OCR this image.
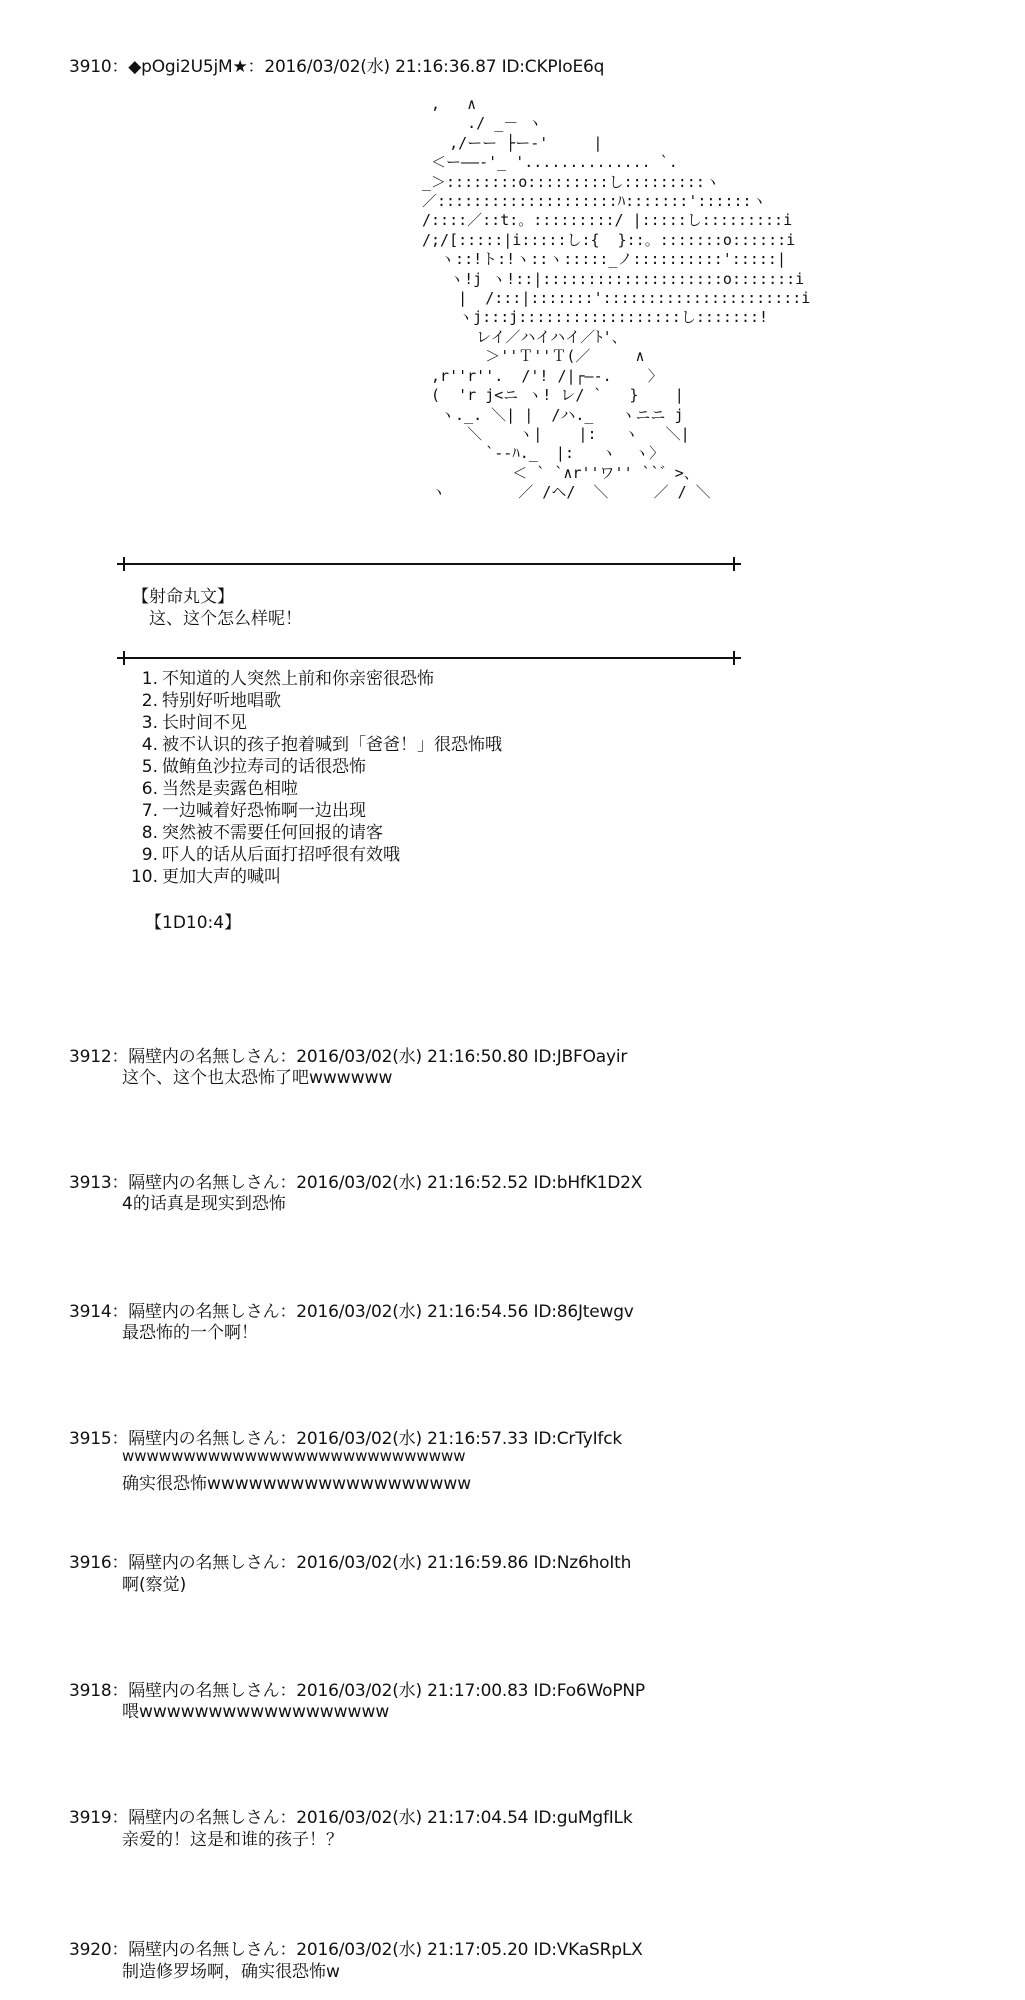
3910：◆pOgi2U5jM★：2016/03/02(水) 21:16:36.87 ID:CKPIoE6q
,   ∧
./ _－ ヽ
,/ーー ├ー-'     |
＜ー――-'_ '.............. `.
_＞::::::::o:::::::::し:::::::::ヽ
／::::::::::::::::::::ﾊ:::::::'::::::ヽ
/::::／::t:。:::::::::/ |:::::し:::::::::i
/;/[:::::|i:::::し:{  }::。:::::::o::::::i
ヽ::!ト:!ヽ::ヽ:::::_ノ::::::::::':::::|
ヽ!j ヽ!::|::::::::::::::::::::o:::::::i
|  /:::|:::::::'::::::::::::::::::::::i
ヽj:::j::::::::::::::::::し:::::::!
レイ／ハイハイ／ﾄ'、
＞''Ｔ''Ｔ(／     ∧
,r''r''.  /'! /|┌―-.    〉
(  'r j<ニ ヽ! レ/ `   }    |
ヽ._. ＼| |  /ハ._   ヽニニ j
＼    ヽ|    |:   ヽ   ＼|
`--ﾊ._  |:   ヽ  ヽ〉
＜ ` `∧r''ワ'' ``゛>、
ヽ        ／ /ヘ/  ＼     ／ / ＼
【射命丸文】
这、这个怎么样呢！
1. 不知道的人突然上前和你亲密很恐怖
2. 特别好听地唱歌
3. 长时间不见
4. 被不认识的孩子抱着喊到「爸爸！」很恐怖哦
5. 做鲔鱼沙拉寿司的话很恐怖
6. 当然是卖露色相啦
7. 一边喊着好恐怖啊一边出现
8. 突然被不需要任何回报的请客
9. 吓人的话从后面打招呼很有效哦
10. 更加大声的喊叫
【1D10:4】
3912：隔壁内の名無しさん：2016/03/02(水) 21:16:50.80 ID:JBFOayir
这个、这个也太恐怖了吧wwwwww
3913：隔壁内の名無しさん：2016/03/02(水) 21:16:52.52 ID:bHfK1D2X
4的话真是现实到恐怖
3914：隔壁内の名無しさん：2016/03/02(水) 21:16:54.56 ID:86Jtewgv
最恐怖的一个啊！
3915：隔壁内の名無しさん：2016/03/02(水) 21:16:57.33 ID:CrTyIfck
wwwwwwwwwwwwwwwwwwwwwwwwwwww
确实很恐怖wwwwwwwwwwwwwwwwwww
3916：隔壁内の名無しさん：2016/03/02(水) 21:16:59.86 ID:Nz6hoIth
啊(察觉)
3918：隔壁内の名無しさん：2016/03/02(水) 21:17:00.83 ID:Fo6WoPNP
喂wwwwwwwwwwwwwwwwww
3919：隔壁内の名無しさん：2016/03/02(水) 21:17:04.54 ID:guMgfILk
亲爱的！这是和谁的孩子！？
3920：隔壁内の名無しさん：2016/03/02(水) 21:17:05.20 ID:VKaSRpLX
制造修罗场啊，确实很恐怖w
